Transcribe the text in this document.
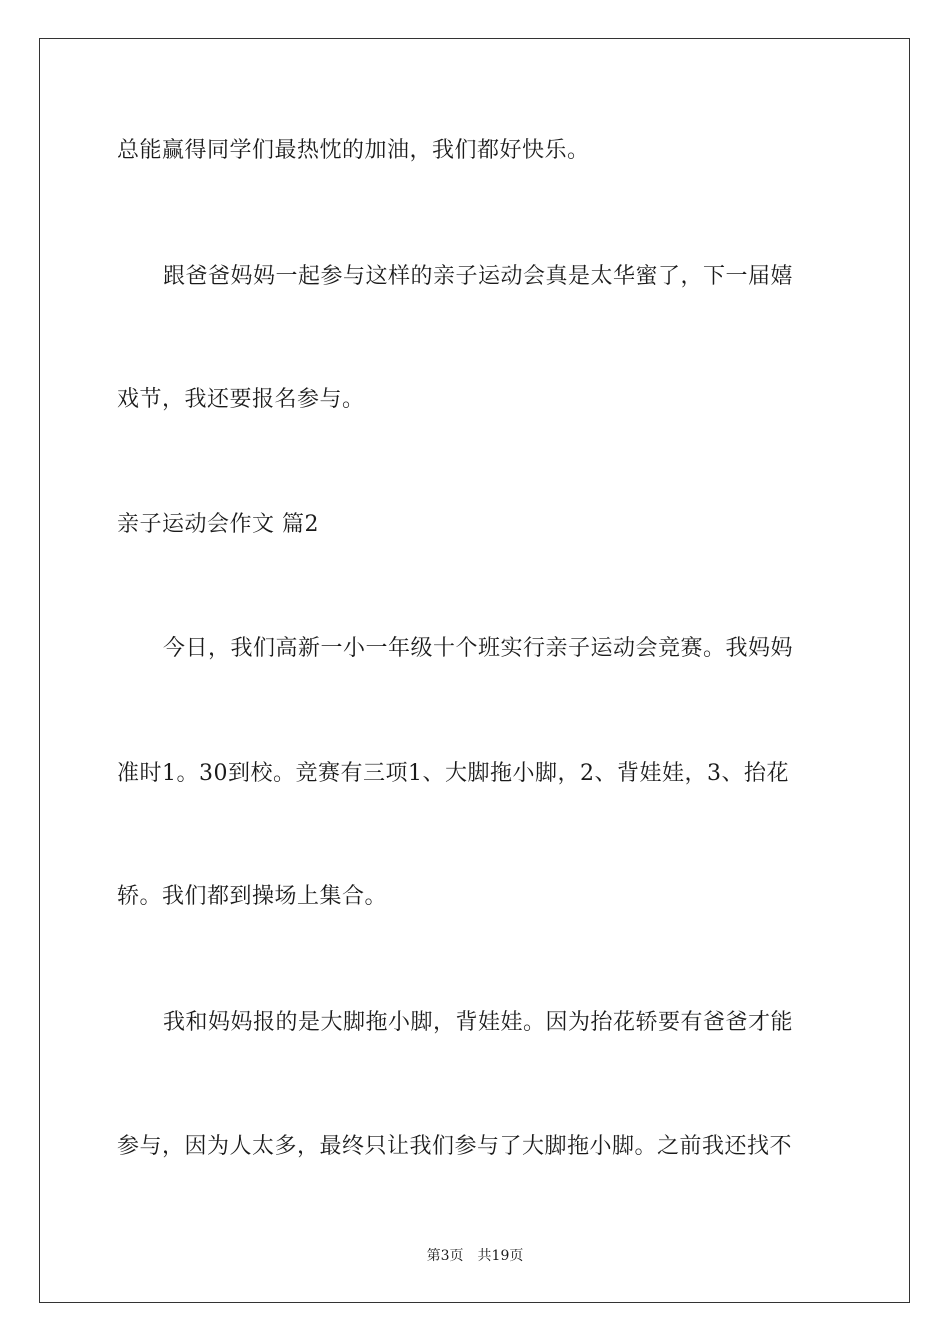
总能赢得同学们最热忱的加油，我们都好快乐。
跟爸爸妈妈一起参与这样的亲子运动会真是太华蜜了，下一届嬉
戏节，我还要报名参与。
亲子运动会作文 篇2
今日，我们高新一小一年级十个班实行亲子运动会竞赛。我妈妈
准时1。30到校。竞赛有三项1、大脚拖小脚，2、背娃娃，3、抬花
轿。我们都到操场上集合。
我和妈妈报的是大脚拖小脚，背娃娃。因为抬花轿要有爸爸才能
参与，因为人太多，最终只让我们参与了大脚拖小脚。之前我还找不
第3页 共19页
